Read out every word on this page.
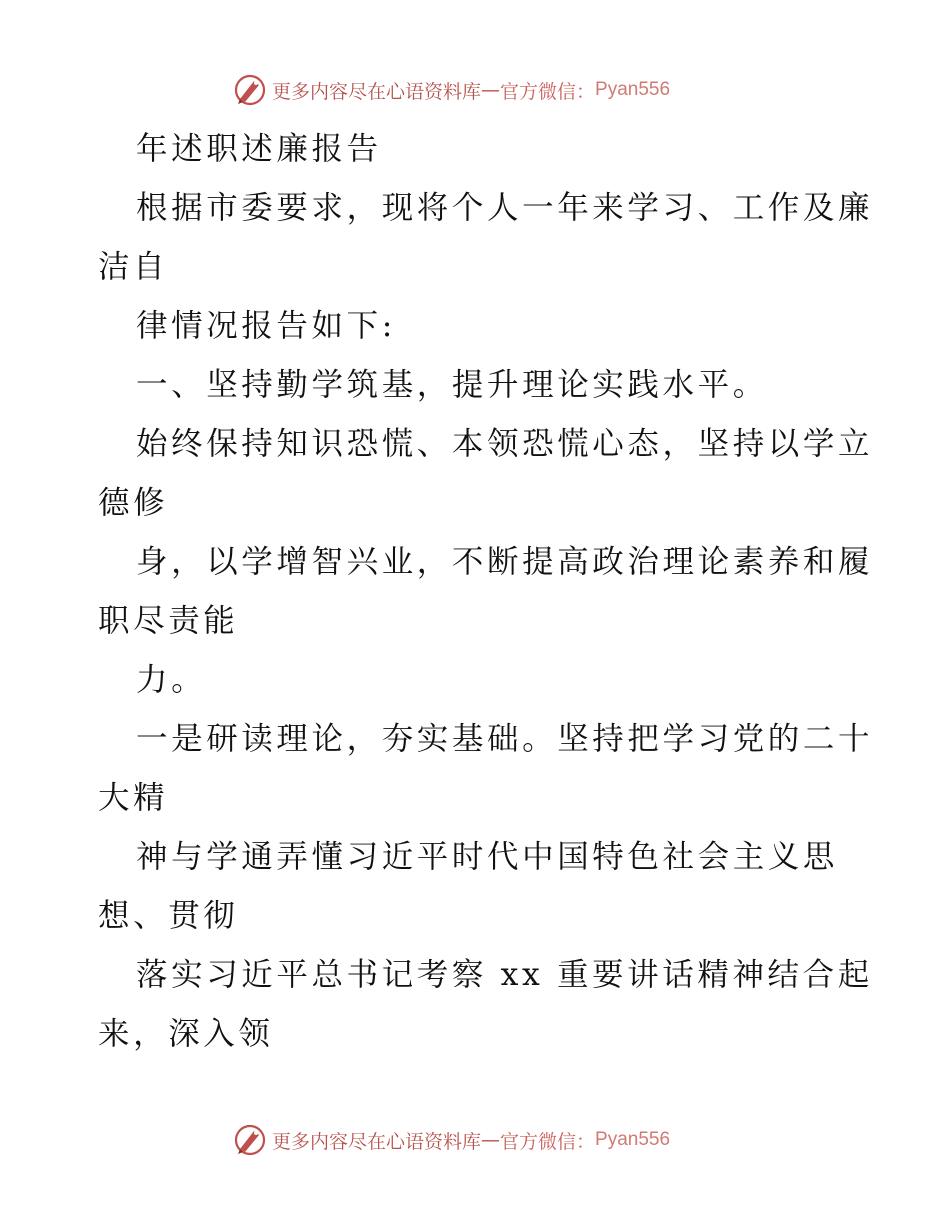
更多内容尽在心语资料库 — 官方微信： Pyan556
年述职述廉报告
根据市委要求，现将个人一年来学习、工作及廉
洁自
律情况报告如下:
一、坚持勤学筑基，提升理论实践水平。
始终保持知识恐慌、本领恐慌心态，坚持以学立
德修
身，以学增智兴业，不断提高政治理论素养和履
职尽责能
力。
一是研读理论，夯实基础。坚持把学习党的二十
大精
神与学通弄懂习近平时代中国特色社会主义思
想、贯彻
落实习近平总书记考察 xx 重要讲话精神结合起
来，深入领
更多内容尽在心语资料库 — 官方微信： Pyan556
